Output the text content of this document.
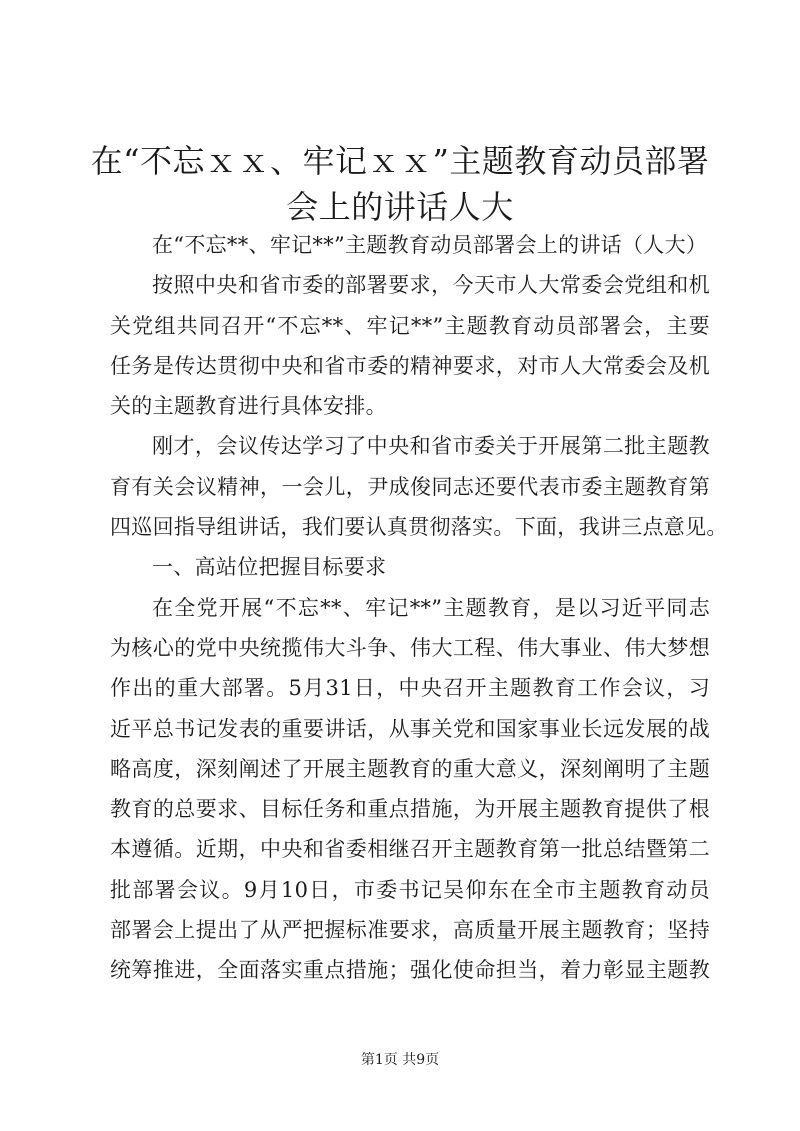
在“不忘ｘｘ、牢记ｘｘ”主题教育动员部署
会上的讲话人大
在“不忘**、牢记**”主题教育动员部署会上的讲话（人大）
按照中央和省市委的部署要求，今天市人大常委会党组和机
关党组共同召开“不忘**、牢记**”主题教育动员部署会，主要
任务是传达贯彻中央和省市委的精神要求，对市人大常委会及机
关的主题教育进行具体安排。
刚才，会议传达学习了中央和省市委关于开展第二批主题教
育有关会议精神，一会儿，尹成俊同志还要代表市委主题教育第
四巡回指导组讲话，我们要认真贯彻落实。下面，我讲三点意见。
一、高站位把握目标要求
在全党开展“不忘**、牢记**”主题教育，是以习近平同志
为核心的党中央统揽伟大斗争、伟大工程、伟大事业、伟大梦想
作出的重大部署。5月31日，中央召开主题教育工作会议，习
近平总书记发表的重要讲话，从事关党和国家事业长远发展的战
略高度，深刻阐述了开展主题教育的重大意义，深刻阐明了主题
教育的总要求、目标任务和重点措施，为开展主题教育提供了根
本遵循。近期，中央和省委相继召开主题教育第一批总结暨第二
批部署会议。9月10日，市委书记吴仰东在全市主题教育动员
部署会上提出了从严把握标准要求，高质量开展主题教育；坚持
统筹推进，全面落实重点措施；强化使命担当，着力彰显主题教
第1页 共9页
